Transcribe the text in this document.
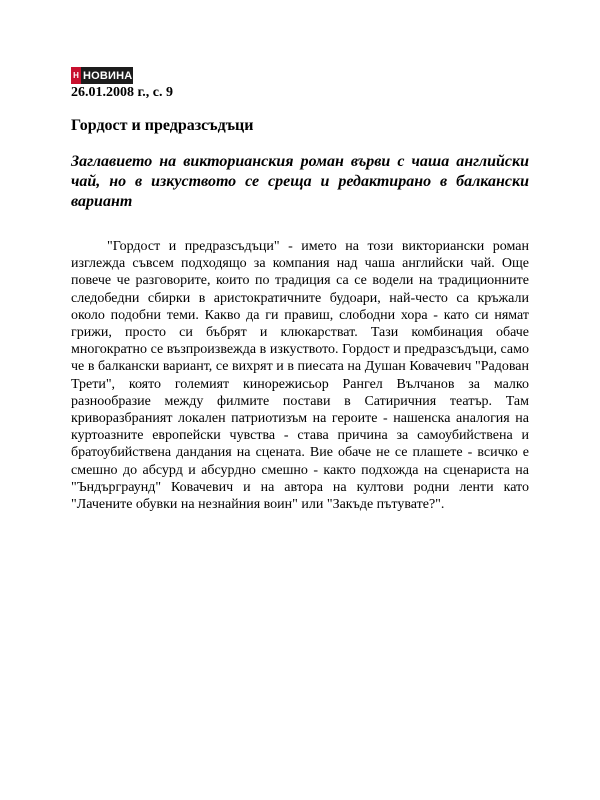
Н НОВИНАР
26.01.2008 г., с. 9
Гордост и предразсъдъци
Заглавието на викторианския роман върви с чаша английски чай, но в изкуството се среща и редактирано в балкански вариант

"Гордост и предразсъдъци" - името на този викториански роман изглежда съвсем подходящо за компания над чаша английски чай. Още повече че разговорите, които по традиция са се водели на традиционните следобедни сбирки в аристократичните будоари, най-често са кръжали около подобни теми. Какво да ги правиш, слободни хора - като си нямат грижи, просто си бъбрят и клюкарстват. Тази комбинация обаче многократно се възпроизвежда в изкуството. Гордост и предразсъдъци, само че в балкански вариант, се вихрят и в пиесата на Душан Ковачевич "Радован Трети", която големият кинорежисьор Рангел Вълчанов за малко разнообразие между филмите постави в Сатиричния театър. Там криворазбраният локален патриотизъм на героите - нашенска аналогия на куртоазните европейски чувства - става причина за самоубийствена и братоубийствена дандания на сцената. Вие обаче не се плашете - всичко е смешно до абсурд и абсурдно смешно - както подхожда на сценариста на "Ъндърграунд" Ковачевич и на автора на култови родни ленти като "Лачените обувки на незнайния воин" или "Закъде пътувате?".
